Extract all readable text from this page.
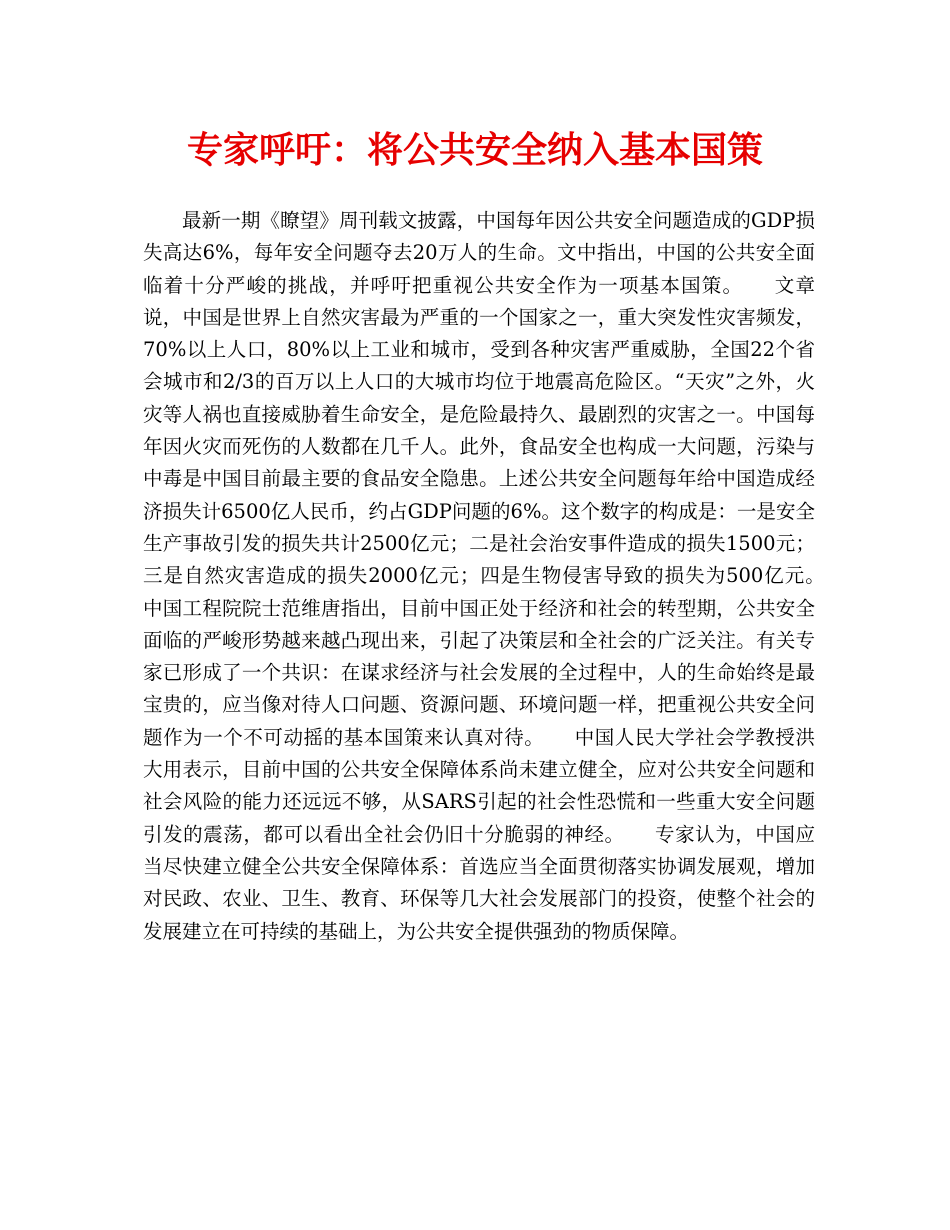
专家呼吁：将公共安全纳入基本国策

最新一期《瞭望》周刊载文披露，中国每年因公共安全问题造成的GDP损失高达6%，每年安全问题夺去20万人的生命。文中指出，中国的公共安全面临着十分严峻的挑战，并呼吁把重视公共安全作为一项基本国策。　　文章说，中国是世界上自然灾害最为严重的一个国家之一，重大突发性灾害频发，70%以上人口，80%以上工业和城市，受到各种灾害严重威胁，全国22个省会城市和2/3的百万以上人口的大城市均位于地震高危险区。“天灾”之外，火灾等人祸也直接威胁着生命安全，是危险最持久、最剧烈的灾害之一。中国每年因火灾而死伤的人数都在几千人。此外，食品安全也构成一大问题，污染与中毒是中国目前最主要的食品安全隐患。上述公共安全问题每年给中国造成经济损失计6500亿人民币，约占GDP问题的6%。这个数字的构成是：一是安全生产事故引发的损失共计2500亿元；二是社会治安事件造成的损失1500元；三是自然灾害造成的损失2000亿元；四是生物侵害导致的损失为500亿元。　　中国工程院院士范维唐指出，目前中国正处于经济和社会的转型期，公共安全面临的严峻形势越来越凸现出来，引起了决策层和全社会的广泛关注。有关专家已形成了一个共识：在谋求经济与社会发展的全过程中，人的生命始终是最宝贵的，应当像对待人口问题、资源问题、环境问题一样，把重视公共安全问题作为一个不可动摇的基本国策来认真对待。　　中国人民大学社会学教授洪大用表示，目前中国的公共安全保障体系尚未建立健全，应对公共安全问题和社会风险的能力还远远不够，从SARS引起的社会性恐慌和一些重大安全问题引发的震荡，都可以看出全社会仍旧十分脆弱的神经。　　专家认为，中国应当尽快建立健全公共安全保障体系：首选应当全面贯彻落实协调发展观，增加对民政、农业、卫生、教育、环保等几大社会发展部门的投资，使整个社会的发展建立在可持续的基础上，为公共安全提供强劲的物质保障。
